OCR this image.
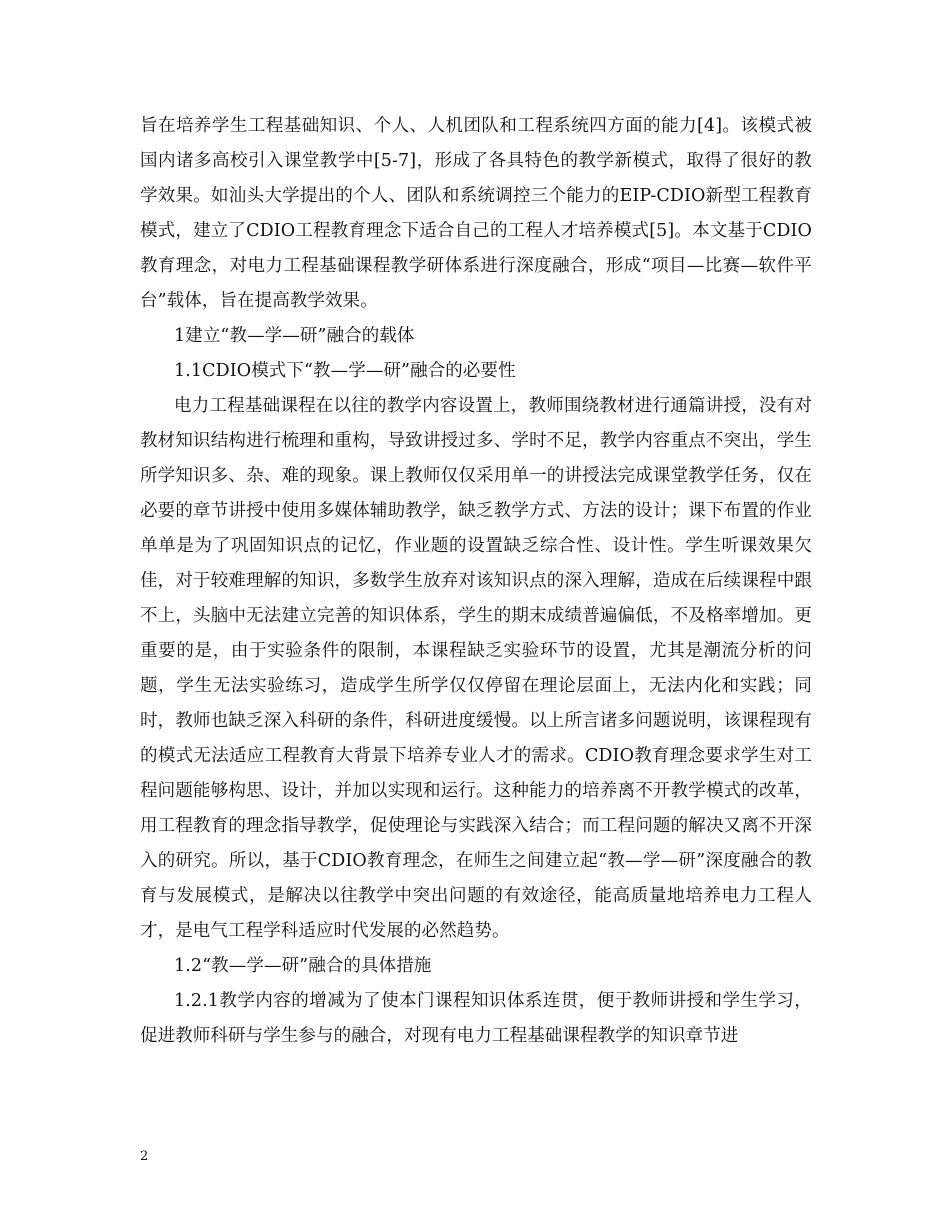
旨在培养学生工程基础知识、个人、人机团队和工程系统四方面的能力[4]。该模式被国内诸多高校引入课堂教学中[5-7]，形成了各具特色的教学新模式，取得了很好的教学效果。如汕头大学提出的个人、团队和系统调控三个能力的EIP-CDIO新型工程教育模式，建立了CDIO工程教育理念下适合自己的工程人才培养模式[5]。本文基于CDIO教育理念，对电力工程基础课程教学研体系进行深度融合，形成“项目—比赛—软件平台”载体，旨在提高教学效果。

1建立“教—学—研”融合的载体

1.1CDIO模式下“教—学—研”融合的必要性

电力工程基础课程在以往的教学内容设置上，教师围绕教材进行通篇讲授，没有对教材知识结构进行梳理和重构，导致讲授过多、学时不足，教学内容重点不突出，学生所学知识多、杂、难的现象。课上教师仅仅采用单一的讲授法完成课堂教学任务，仅在必要的章节讲授中使用多媒体辅助教学，缺乏教学方式、方法的设计；课下布置的作业单单是为了巩固知识点的记忆，作业题的设置缺乏综合性、设计性。学生听课效果欠佳，对于较难理解的知识，多数学生放弃对该知识点的深入理解，造成在后续课程中跟不上，头脑中无法建立完善的知识体系，学生的期末成绩普遍偏低，不及格率增加。更重要的是，由于实验条件的限制，本课程缺乏实验环节的设置，尤其是潮流分析的问题，学生无法实验练习，造成学生所学仅仅停留在理论层面上，无法内化和实践；同时，教师也缺乏深入科研的条件，科研进度缓慢。以上所言诸多问题说明，该课程现有的模式无法适应工程教育大背景下培养专业人才的需求。CDIO教育理念要求学生对工程问题能够构思、设计，并加以实现和运行。这种能力的培养离不开教学模式的改革，用工程教育的理念指导教学，促使理论与实践深入结合；而工程问题的解决又离不开深入的研究。所以，基于CDIO教育理念，在师生之间建立起“教—学—研”深度融合的教育与发展模式，是解决以往教学中突出问题的有效途径，能高质量地培养电力工程人才，是电气工程学科适应时代发展的必然趋势。

1.2“教—学—研”融合的具体措施

1.2.1教学内容的增减为了使本门课程知识体系连贯，便于教师讲授和学生学习，促进教师科研与学生参与的融合，对现有电力工程基础课程教学的知识章节进

2
